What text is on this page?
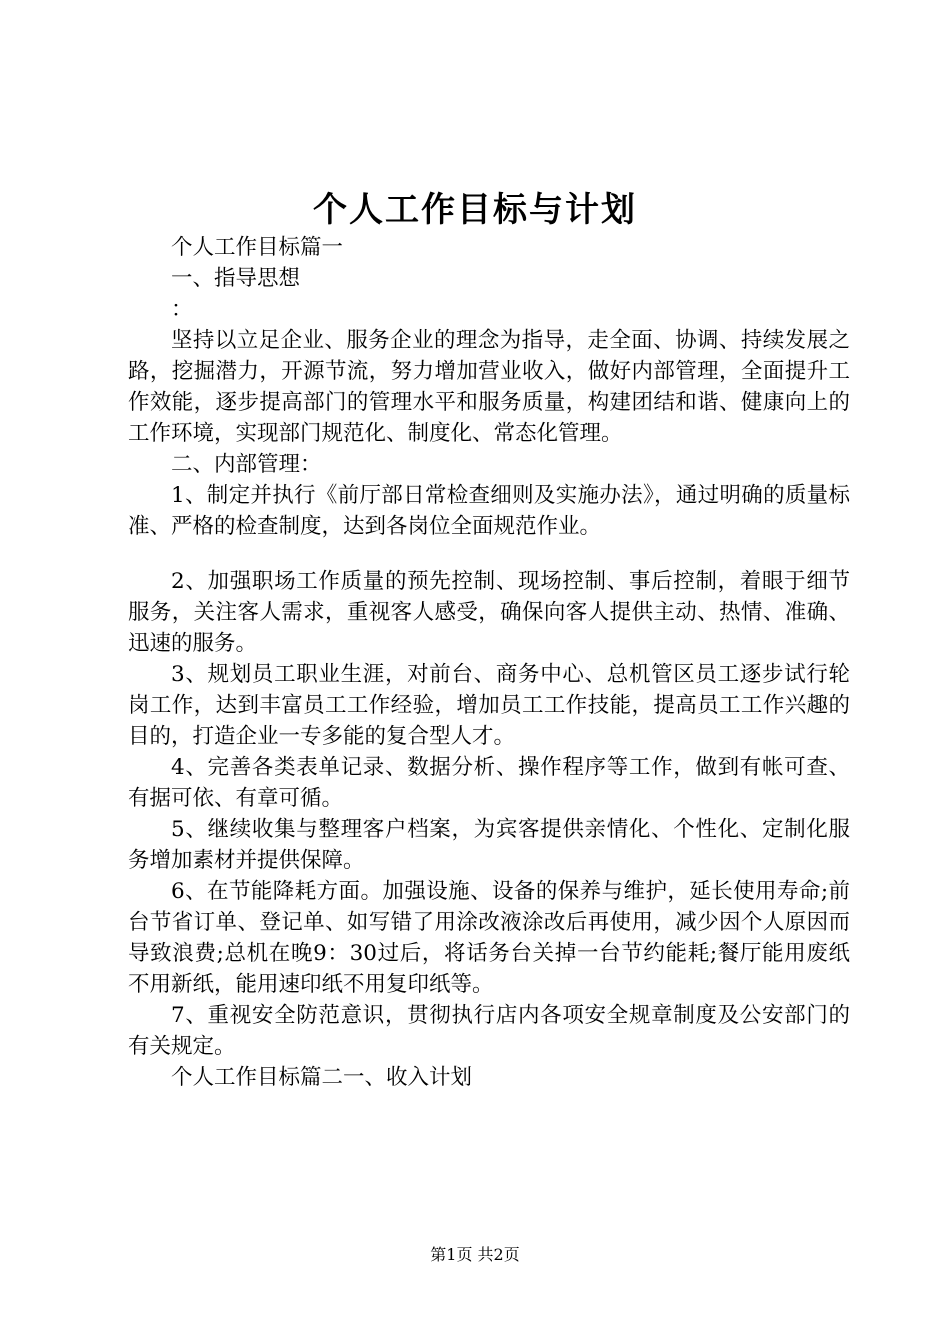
个人工作目标与计划

个人工作目标篇一

一、指导思想

：

坚持以立足企业、服务企业的理念为指导，走全面、协调、持续发展之路，挖掘潜力，开源节流，努力增加营业收入，做好内部管理，全面提升工作效能，逐步提高部门的管理水平和服务质量，构建团结和谐、健康向上的工作环境，实现部门规范化、制度化、常态化管理。

二、内部管理：

1、制定并执行《前厅部日常检查细则及实施办法》，通过明确的质量标准、严格的检查制度，达到各岗位全面规范作业。

2、加强职场工作质量的预先控制、现场控制、事后控制，着眼于细节服务，关注客人需求，重视客人感受，确保向客人提供主动、热情、准确、迅速的服务。

3、规划员工职业生涯，对前台、商务中心、总机管区员工逐步试行轮岗工作，达到丰富员工工作经验，增加员工工作技能，提高员工工作兴趣的目的，打造企业一专多能的复合型人才。

4、完善各类表单记录、数据分析、操作程序等工作，做到有帐可查、有据可依、有章可循。

5、继续收集与整理客户档案，为宾客提供亲情化、个性化、定制化服务增加素材并提供保障。

6、在节能降耗方面。加强设施、设备的保养与维护，延长使用寿命;前台节省订单、登记单、如写错了用涂改液涂改后再使用，减少因个人原因而导致浪费;总机在晚9：30过后，将话务台关掉一台节约能耗;餐厅能用废纸不用新纸，能用速印纸不用复印纸等。

7、重视安全防范意识，贯彻执行店内各项安全规章制度及公安部门的有关规定。

个人工作目标篇二一、收入计划

第1页 共2页
